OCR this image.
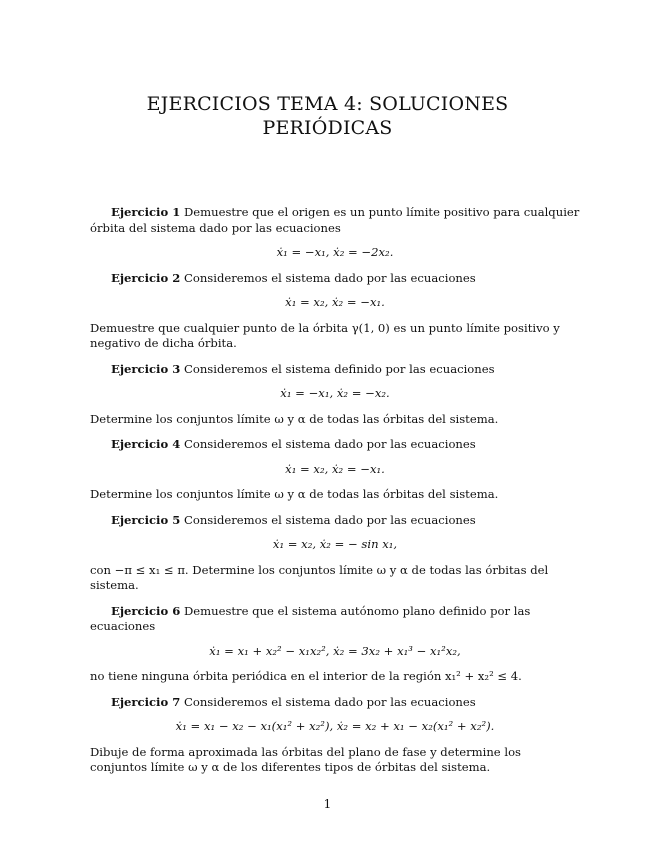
EJERCICIOS TEMA 4: SOLUCIONES
PERIÓDICAS

Ejercicio 1 Demuestre que el origen es un punto límite positivo para cualquier órbita del sistema dado por las ecuaciones

ẋ₁ = −x₁, ẋ₂ = −2x₂.

Ejercicio 2 Consideremos el sistema dado por las ecuaciones

ẋ₁ = x₂, ẋ₂ = −x₁.

Demuestre que cualquier punto de la órbita γ(1, 0) es un punto límite positivo y negativo de dicha órbita.

Ejercicio 3 Consideremos el sistema definido por las ecuaciones

ẋ₁ = −x₁, ẋ₂ = −x₂.

Determine los conjuntos límite ω y α de todas las órbitas del sistema.

Ejercicio 4 Consideremos el sistema dado por las ecuaciones

ẋ₁ = x₂, ẋ₂ = −x₁.

Determine los conjuntos límite ω y α de todas las órbitas del sistema.

Ejercicio 5 Consideremos el sistema dado por las ecuaciones

ẋ₁ = x₂, ẋ₂ = − sin x₁,

con −π ≤ x₁ ≤ π. Determine los conjuntos límite ω y α de todas las órbitas del sistema.

Ejercicio 6 Demuestre que el sistema autónomo plano definido por las ecuaciones

ẋ₁ = x₁ + x₂² − x₁x₂², ẋ₂ = 3x₂ + x₁³ − x₁²x₂,

no tiene ninguna órbita periódica en el interior de la región x₁² + x₂² ≤ 4.

Ejercicio 7 Consideremos el sistema dado por las ecuaciones

ẋ₁ = x₁ − x₂ − x₁(x₁² + x₂²), ẋ₂ = x₂ + x₁ − x₂(x₁² + x₂²).

Dibuje de forma aproximada las órbitas del plano de fase y determine los conjuntos límite ω y α de los diferentes tipos de órbitas del sistema.

1
